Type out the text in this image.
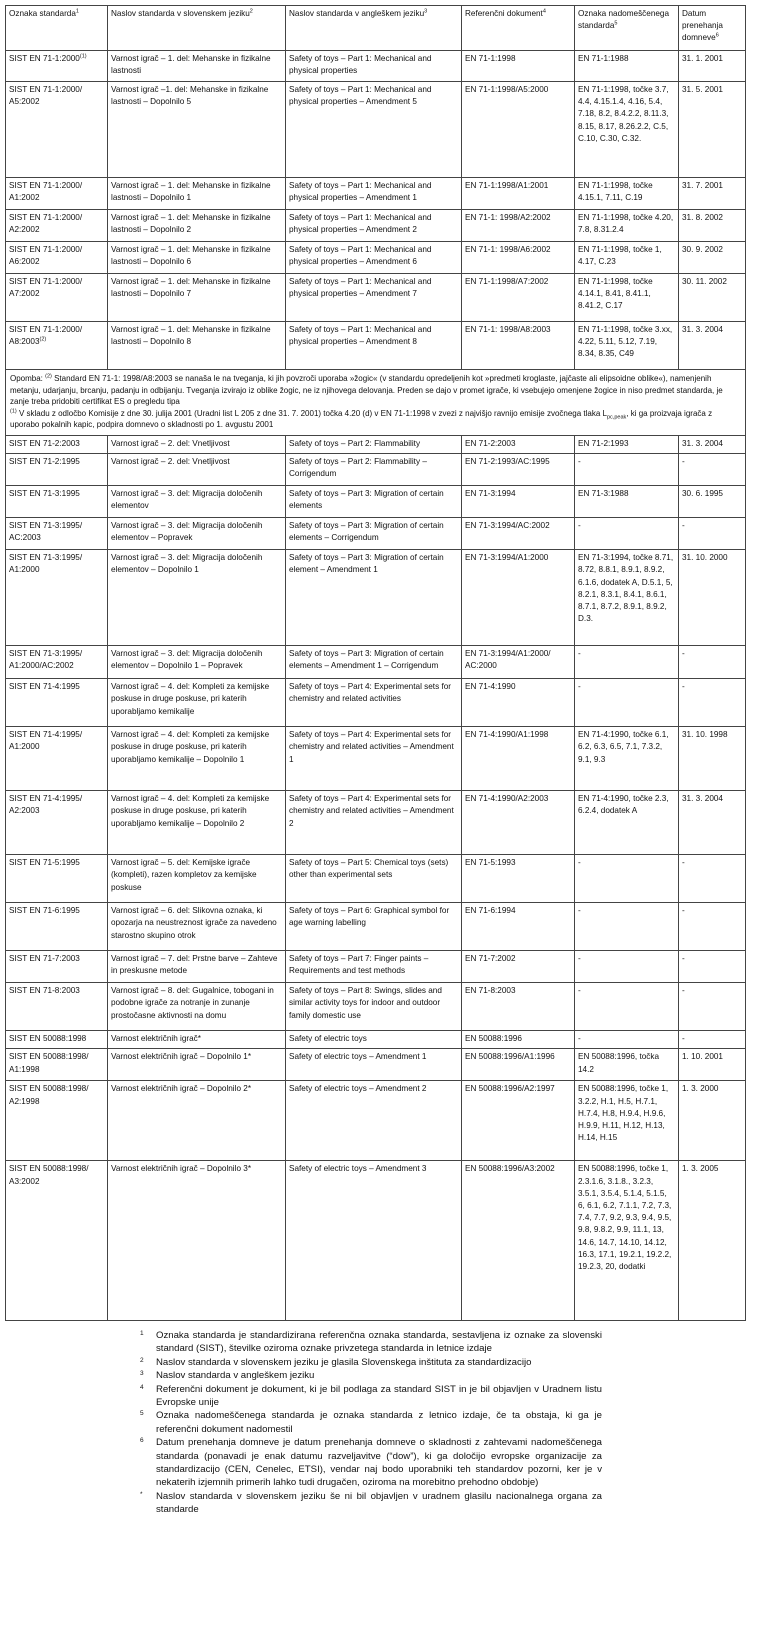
Oznaka standarda$^1$	Naslov standarda v slovenskem jeziku$^2$	Naslov standarda v angleškem jeziku$^3$	Referenčni dokument$^4$	Oznaka nadomeščenega standarda$^5$	Datum prenehanja domneve$^6$
SIST EN 71-1:2000$^{(1)}$	Varnost igrač – 1. del: Mehanske in fizikalne lastnosti	Safety of toys – Part 1: Mechanical and physical properties	EN 71-1:1998	EN 71-1:1988	31. 1. 2001
SIST EN 71-1:2000/ A5:2002	Varnost igrač –1. del: Mehanske in fizikalne lastnosti – Dopolnilo 5	Safety of toys – Part 1: Mechanical and physical properties – Amendment 5	EN 71-1:1998/A5:2000	EN 71-1:1998, točke 3.7, 4.4, 4.15.1.4, 4.16, 5.4, 7.18, 8.2, 8.4.2.2, 8.11.3, 8.15, 8.17, 8.26.2.2, C.5, C.10, C.30, C.32.	31. 5. 2001
SIST EN 71-1:2000/ A1:2002	Varnost igrač – 1. del: Mehanske in fizikalne lastnosti – Dopolnilo 1	Safety of toys – Part 1: Mechanical and physical properties – Amendment 1	EN 71-1:1998/A1:2001	EN 71-1:1998, točke 4.15.1, 7.11, C.19	31. 7. 2001
SIST EN 71-1:2000/ A2:2002	Varnost igrač – 1. del: Mehanske in fizikalne lastnosti – Dopolnilo 2	Safety of toys – Part 1: Mechanical and physical properties – Amendment 2	EN 71-1: 1998/A2:2002	EN 71-1:1998, točke 4.20, 7.8, 8.31.2.4	31. 8. 2002
SIST EN 71-1:2000/ A6:2002	Varnost igrač – 1. del: Mehanske in fizikalne lastnosti – Dopolnilo 6	Safety of toys – Part 1: Mechanical and physical properties – Amendment 6	EN 71-1: 1998/A6:2002	EN 71-1:1998, točke 1, 4.17, C.23	30. 9. 2002
SIST EN 71-1:2000/ A7:2002	Varnost igrač – 1. del: Mehanske in fizikalne lastnosti – Dopolnilo 7	Safety of toys – Part 1: Mechanical and physical properties – Amendment 7	EN 71-1:1998/A7:2002	EN 71-1:1998, točke 4.14.1, 8.41, 8.41.1, 8.41.2, C.17	30. 11. 2002
SIST EN 71-1:2000/ A8:2003$^{(2)}$	Varnost igrač – 1. del: Mehanske in fizikalne lastnosti – Dopolnilo 8	Safety of toys – Part 1: Mechanical and physical properties – Amendment 8	EN 71-1: 1998/A8:2003	EN 71-1:1998, točke 3.xx, 4.22, 5.11, 5.12, 7.19, 8.34, 8.35, C49	31. 3. 2004
Opomba: $^{(2)}$ Standard EN 71-1: 1998/A8:2003 se nanaša le na tveganja, ki jih povzroči uporaba »žogic« (v standardu opredeljenih kot »predmeti kroglaste, jajčaste ali elipsoidne oblike«), namenjenih metanju, udarjanju, brcanju, padanju in odbijanju. Tveganja izvirajo iz oblike žogic, ne iz njihovega delovanja. Preden se dajo v promet igrače, ki vsebujejo omenjene žogice in niso predmet standarda, je zanje treba pridobiti certifikat ES o pregledu tipa
$^{(1)}$ V skladu z odločbo Komisije z dne 30. julija 2001 (Uradni list L 205 z dne 31. 7. 2001) točka 4.20 (d) v EN 71-1:1998 v zvezi z najvišjo ravnijo emisije zvočnega tlaka $L_{pc,peak}$, ki ga proizvaja igrača z uporabo pokalnih kapic, podpira domnevo o skladnosti po 1. avgustu 2001					
SIST EN 71-2:2003	Varnost igrač – 2. del: Vnetljivost	Safety of toys – Part 2: Flammability	EN 71-2:2003	EN 71-2:1993	31. 3. 2004
SIST EN 71-2:1995	Varnost igrač – 2. del: Vnetljivost	Safety of toys – Part 2: Flammability – Corrigendum	EN 71-2:1993/AC:1995	-	-
SIST EN 71-3:1995	Varnost igrač – 3. del: Migracija določenih elementov	Safety of toys – Part 3: Migration of certain elements	EN 71-3:1994	EN 71-3:1988	30. 6. 1995
SIST EN 71-3:1995/ AC:2003	Varnost igrač – 3. del: Migracija določenih elementov – Popravek	Safety of toys – Part 3: Migration of certain elements – Corrigendum	EN 71-3:1994/AC:2002	-	-
SIST EN 71-3:1995/ A1:2000	Varnost igrač – 3. del: Migracija določenih elementov – Dopolnilo 1	Safety of toys – Part 3: Migration of certain element – Amendment 1	EN 71-3:1994/A1:2000	EN 71-3:1994, točke 8.71, 8.72, 8.8.1, 8.9.1, 8.9.2, 6.1.6, dodatek A, D.5.1, 5, 8.2.1, 8.3.1, 8.4.1, 8.6.1, 8.7.1, 8.7.2, 8.9.1, 8.9.2, D.3.	31. 10. 2000
SIST EN 71-3:1995/ A1:2000/AC:2002	Varnost igrač – 3. del: Migracija določenih elementov – Dopolnilo 1 – Popravek	Safety of toys – Part 3: Migration of certain elements – Amendment 1 – Corrigendum	EN 71-3:1994/A1:2000/ AC:2000	-	-
SIST EN 71-4:1995	Varnost igrač – 4. del: Kompleti za kemijske poskuse in druge poskuse, pri katerih uporabljamo kemikalije	Safety of toys – Part 4: Experimental sets for chemistry and related activities	EN 71-4:1990	-	-
SIST EN 71-4:1995/ A1:2000	Varnost igrač – 4. del: Kompleti za kemijske poskuse in druge poskuse, pri katerih uporabljamo kemikalije – Dopolnilo 1	Safety of toys – Part 4: Experimental sets for chemistry and related activities – Amendment 1	EN 71-4:1990/A1:1998	EN 71-4:1990, točke 6.1, 6.2, 6.3, 6.5, 7.1, 7.3.2, 9.1, 9.3	31. 10. 1998
SIST EN 71-4:1995/ A2:2003	Varnost igrač – 4. del: Kompleti za kemijske poskuse in druge poskuse, pri katerih uporabljamo kemikalije – Dopolnilo 2	Safety of toys – Part 4: Experimental sets for chemistry and related activities – Amendment 2	EN 71-4:1990/A2:2003	EN 71-4:1990, točke 2.3, 6.2.4, dodatek A	31. 3. 2004
SIST EN 71-5:1995	Varnost igrač – 5. del: Kemijske igrače (kompleti), razen kompletov za kemijske poskuse	Safety of toys – Part 5: Chemical toys (sets) other than experimental sets	EN 71-5:1993	-	-
SIST EN 71-6:1995	Varnost igrač – 6. del: Slikovna oznaka, ki opozarja na neustreznost igrače za navedeno starostno skupino otrok	Safety of toys – Part 6: Graphical symbol for age warning labelling	EN 71-6:1994	-	-
SIST EN 71-7:2003	Varnost igrač – 7. del: Prstne barve – Zahteve in preskusne metode	Safety of toys – Part 7: Finger paints – Requirements and test methods	EN 71-7:2002	-	-
SIST EN 71-8:2003	Varnost igrač – 8. del: Gugalnice, tobogani in podobne igrače za notranje in zunanje prostočasne aktivnosti na domu	Safety of toys – Part 8: Swings, slides and similar activity toys for indoor and outdoor family domestic use	EN 71-8:2003	-	-
SIST EN 50088:1998	Varnost električnih igrač*	Safety of electric toys	EN 50088:1996	-	-
SIST EN 50088:1998/ A1:1998	Varnost električnih igrač – Dopolnilo 1*	Safety of electric toys – Amendment 1	EN 50088:1996/A1:1996	EN 50088:1996, točka 14.2	1. 10. 2001
SIST EN 50088:1998/ A2:1998	Varnost električnih igrač – Dopolnilo 2*	Safety of electric toys – Amendment 2	EN 50088:1996/A2:1997	EN 50088:1996, točke 1, 3.2.2, H.1, H.5, H.7.1, H.7.4, H.8, H.9.4, H.9.6, H.9.9, H.11, H.12, H.13, H.14, H.15	1. 3. 2000
SIST EN 50088:1998/ A3:2002	Varnost električnih igrač – Dopolnilo 3*	Safety of electric toys – Amendment 3	EN 50088:1996/A3:2002	EN 50088:1996, točke 1, 2.3.1.6, 3.1.8., 3.2.3, 3.5.1, 3.5.4, 5.1.4, 5.1.5, 6, 6.1, 6.2, 7.1.1, 7.2, 7.3, 7.4, 7.7, 9.2, 9.3, 9.4, 9.5, 9.8, 9.8.2, 9.9, 11.1, 13, 14.6, 14.7, 14.10, 14.12, 16.3, 17.1, 19.2.1, 19.2.2, 19.2.3, 20, dodatki	1. 3. 2005
1	Oznaka standarda je standardizirana referenčna oznaka standarda, sestavljena iz oznake za slovenski standard (SIST), številke oziroma oznake privzetega standarda in letnice izdaje
2	Naslov standarda v slovenskem jeziku je glasila Slovenskega inštituta za standardizacijo
3	Naslov standarda v angleškem jeziku
4	Referenčni dokument je dokument, ki je bil podlaga za standard SIST in je bil objavljen v Uradnem listu Evropske unije
5	Oznaka nadomeščenega standarda je oznaka standarda z letnico izdaje, če ta obstaja, ki ga je referenčni dokument nadomestil
6	Datum prenehanja domneve je datum prenehanja domneve o skladnosti z zahtevami nadomeščenega standarda (ponavadi je enak datumu razveljavitve (“dow”), ki ga določijo evropske organizacije za standardizacijo (CEN, Cenelec, ETSI), vendar naj bodo uporabniki teh standardov pozorni, ker je v nekaterih izjemnih primerih lahko tudi drugačen, oziroma na morebitno prehodno obdobje)
*	Naslov standarda v slovenskem jeziku še ni bil objavljen v uradnem glasilu nacionalnega organa za standarde
